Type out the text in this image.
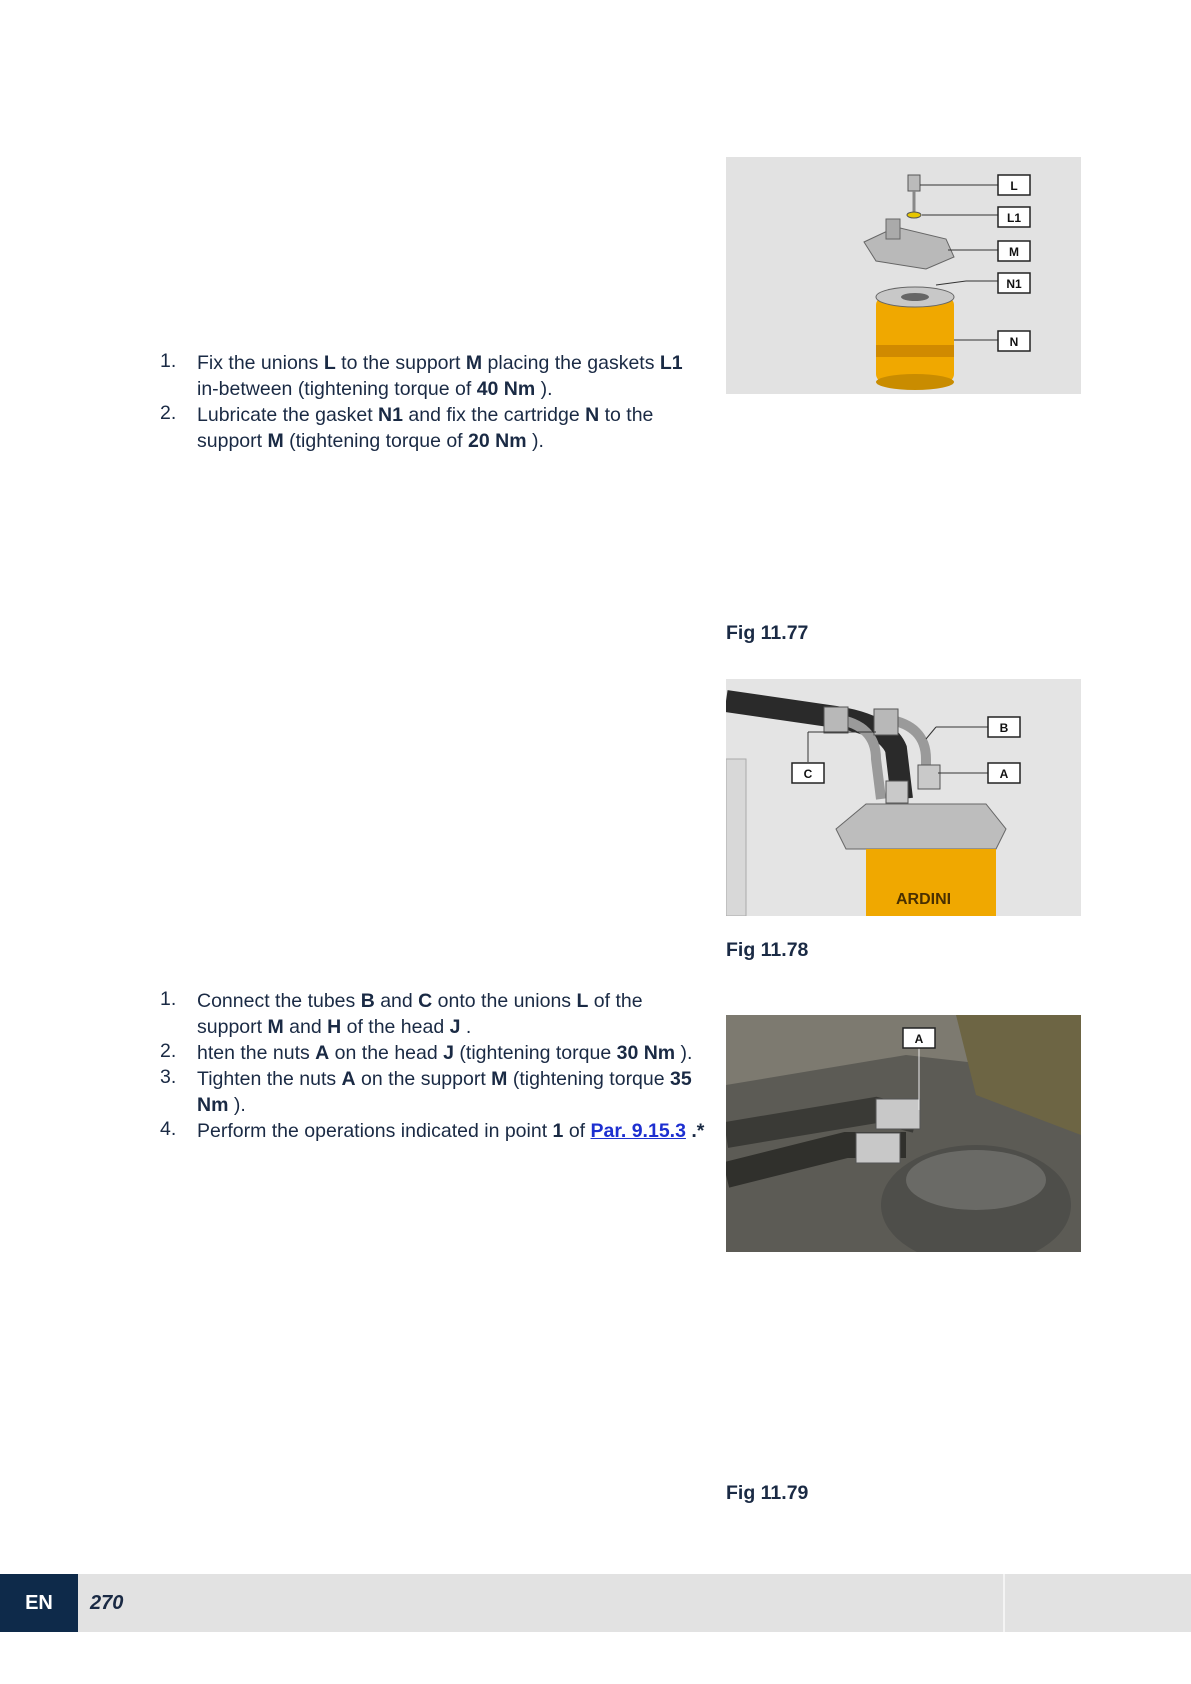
1. Fix the unions L to the support M placing the gaskets L1 in-between (tightening torque of 40 Nm ).
2. Lubricate the gasket N1 and fix the cartridge N to the support M (tightening torque of 20 Nm ).
L
L1
M
N1
N
Fig 11.77
ARDINI
B
C	A
Fig 11.78
1. Connect the tubes B and C onto the unions L of the support M and H of the head J .
2. hten the nuts A on the head J (tightening torque 30 Nm ).
3. Tighten the nuts A on the support M (tightening torque 35 Nm ).
4. Perform the operations indicated in point 1 of Par. 9.15.3 .*
A
Fig 11.79
EN	270
